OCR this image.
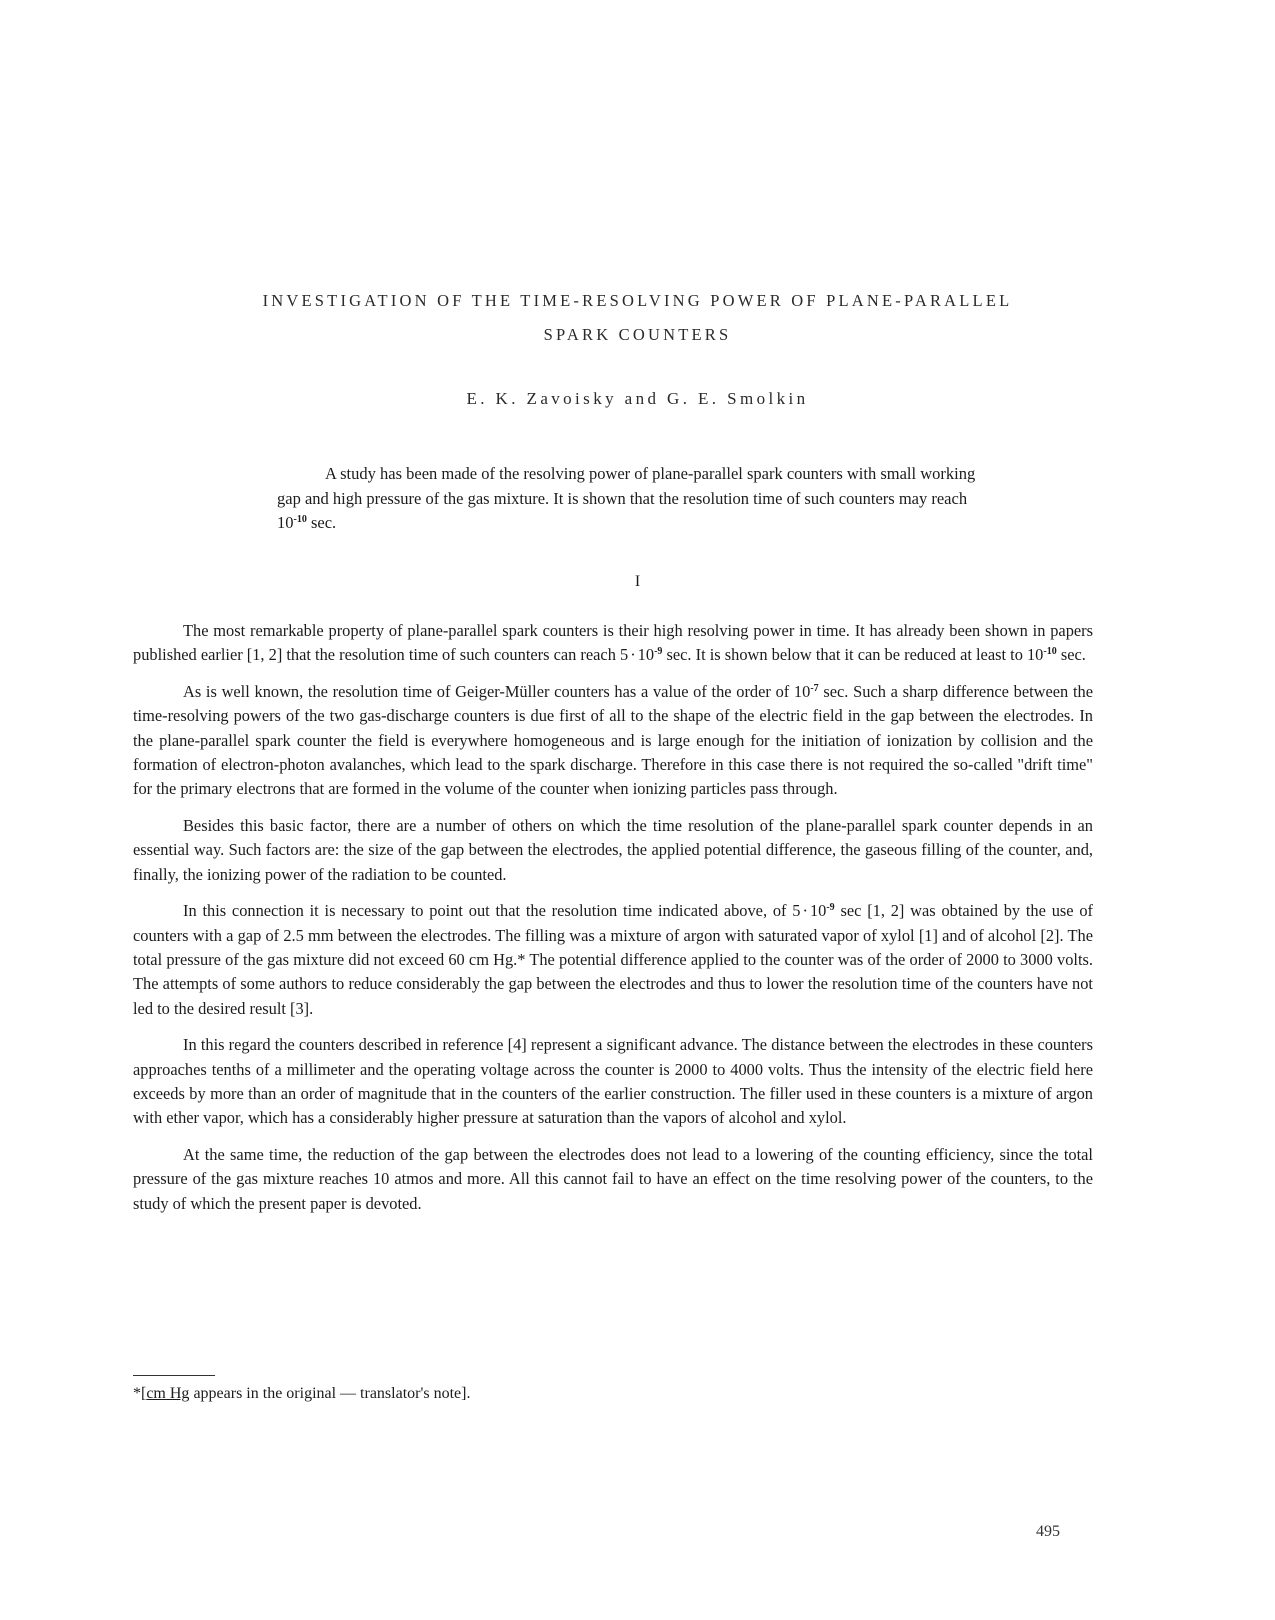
INVESTIGATION OF THE TIME-RESOLVING POWER OF PLANE-PARALLEL
SPARK COUNTERS
E. K. Zavoisky and G. E. Smolkin
A study has been made of the resolving power of plane-parallel spark counters with small working gap and high pressure of the gas mixture. It is shown that the resolution time of such counters may reach $10^{-10}$ sec.
I

The most remarkable property of plane-parallel spark counters is their high resolving power in time. It has already been shown in papers published earlier [1, 2] that the resolution time of such counters can reach $5 \cdot 10^{-9}$ sec. It is shown below that it can be reduced at least to $10^{-10}$ sec.

As is well known, the resolution time of Geiger-Müller counters has a value of the order of $10^{-7}$ sec. Such a sharp difference between the time-resolving powers of the two gas-discharge counters is due first of all to the shape of the electric field in the gap between the electrodes. In the plane-parallel spark counter the field is everywhere homogeneous and is large enough for the initiation of ionization by collision and the formation of electron-photon avalanches, which lead to the spark discharge. Therefore in this case there is not required the so-called "drift time" for the primary electrons that are formed in the volume of the counter when ionizing particles pass through.

Besides this basic factor, there are a number of others on which the time resolution of the plane-parallel spark counter depends in an essential way. Such factors are: the size of the gap between the electrodes, the applied potential difference, the gaseous filling of the counter, and, finally, the ionizing power of the radiation to be counted.

In this connection it is necessary to point out that the resolution time indicated above, of $5 \cdot 10^{-9}$ sec [1, 2] was obtained by the use of counters with a gap of 2.5 mm between the electrodes. The filling was a mixture of argon with saturated vapor of xylol [1] and of alcohol [2]. The total pressure of the gas mixture did not exceed 60 cm Hg.* The potential difference applied to the counter was of the order of 2000 to 3000 volts. The attempts of some authors to reduce considerably the gap between the electrodes and thus to lower the resolution time of the counters have not led to the desired result [3].

In this regard the counters described in reference [4] represent a significant advance. The distance between the electrodes in these counters approaches tenths of a millimeter and the operating voltage across the counter is 2000 to 4000 volts. Thus the intensity of the electric field here exceeds by more than an order of magnitude that in the counters of the earlier construction. The filler used in these counters is a mixture of argon with ether vapor, which has a considerably higher pressure at saturation than the vapors of alcohol and xylol.

At the same time, the reduction of the gap between the electrodes does not lead to a lowering of the counting efficiency, since the total pressure of the gas mixture reaches 10 atmos and more. All this cannot fail to have an effect on the time resolving power of the counters, to the study of which the present paper is devoted.

*[cm Hg appears in the original — translator's note].
495
